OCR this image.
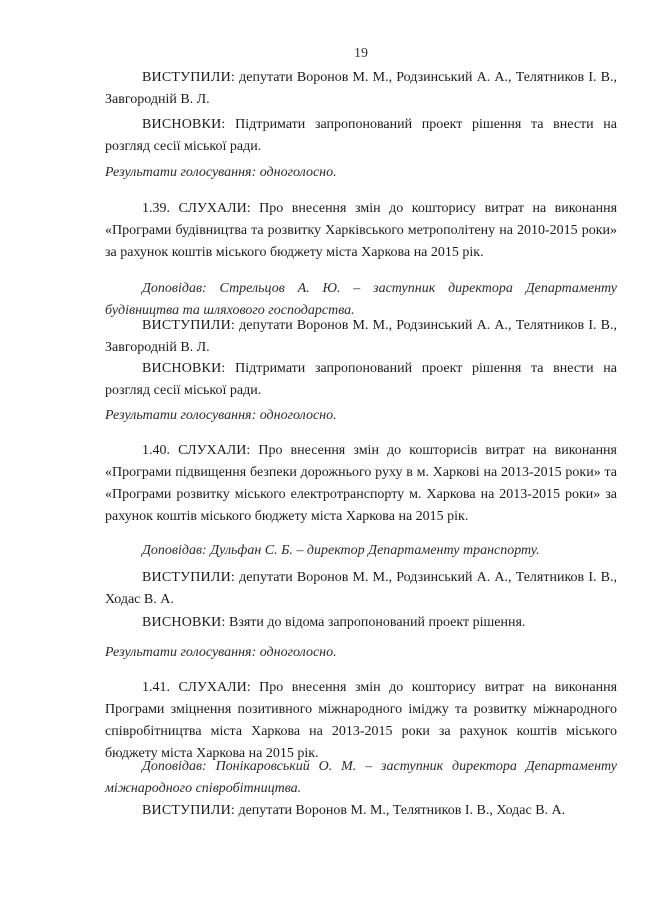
19
ВИСТУПИЛИ: депутати Воронов М. М., Родзинський А. А., Телятников І. В., Завгородній В. Л.
ВИСНОВКИ: Підтримати запропонований проект рішення та внести на розгляд сесії міської ради.
Результати голосування: одноголосно.
1.39. СЛУХАЛИ: Про внесення змін до кошторису витрат на виконання «Програми будівництва та розвитку Харківського метрополітену на 2010-2015 роки» за рахунок коштів міського бюджету міста Харкова на 2015 рік.
Доповідав: Стрельцов А. Ю. – заступник директора Департаменту будівництва та шляхового господарства.
ВИСТУПИЛИ: депутати Воронов М. М., Родзинський А. А., Телятников І. В., Завгородній В. Л.
ВИСНОВКИ: Підтримати запропонований проект рішення та внести на розгляд сесії міської ради.
Результати голосування: одноголосно.
1.40. СЛУХАЛИ: Про внесення змін до кошторисів витрат на виконання «Програми підвищення безпеки дорожнього руху в м. Харкові на 2013-2015 роки» та «Програми розвитку міського електротранспорту м. Харкова на 2013-2015 роки» за рахунок коштів міського бюджету міста Харкова на 2015 рік.
Доповідав: Дульфан С. Б. – директор Департаменту транспорту.
ВИСТУПИЛИ: депутати Воронов М. М., Родзинський А. А., Телятников І. В., Ходас В. А.
ВИСНОВКИ: Взяти до відома запропонований проект рішення.
Результати голосування: одноголосно.
1.41. СЛУХАЛИ: Про внесення змін до кошторису витрат на виконання Програми зміцнення позитивного міжнародного іміджу та розвитку міжнародного співробітництва міста Харкова на 2013-2015 роки за рахунок коштів міського бюджету міста Харкова на 2015 рік.
Доповідав: Понікаровський О. М. – заступник директора Департаменту міжнародного співробітництва.
ВИСТУПИЛИ: депутати Воронов М. М., Телятников І. В., Ходас В. А.
